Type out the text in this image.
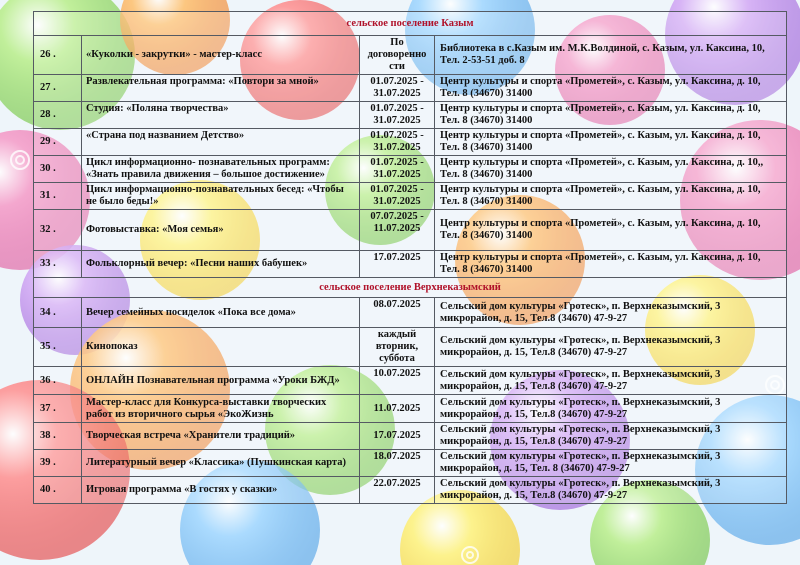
сельское поселение Казым			
26 .	«Куколки - закрутки» - мастер-класс	По договоренно сти	Библиотека в с.Казым им. М.К.Волдиной, с. Казым, ул. Каксина, 10, Тел. 2-53-51 доб. 8
27 .	Развлекательная программа: «Повтори за мной»	01.07.2025 - 31.07.2025	Центр культуры и спорта «Прометей», с. Казым, ул. Каксина, д. 10, Тел. 8 (34670) 31400
28 .	Студия: «Поляна творчества»	01.07.2025 - 31.07.2025	Центр культуры и спорта «Прометей», с. Казым, ул. Каксина, д. 10, Тел. 8 (34670) 31400
29 .	«Страна под названием Детство»	01.07.2025 - 31.07.2025	Центр культуры и спорта «Прометей», с. Казым, ул. Каксина, д. 10, Тел. 8 (34670) 31400
30 .	Цикл информационно- познавательных программ: «Знать правила движения – большое достижение»	01.07.2025 - 31.07.2025	Центр культуры и спорта «Прометей», с. Казым, ул. Каксина, д. 10,, Тел. 8 (34670) 31400
31 .	Цикл информационно-познавательных бесед: «Чтобы не было беды!»	01.07.2025 - 31.07.2025	Центр культуры и спорта «Прометей», с. Казым, ул. Каксина, д. 10, Тел. 8 (34670) 31400
32 .	Фотовыставка: «Моя семья»	07.07.2025 - 11.07.2025	Центр культуры и спорта «Прометей», с. Казым, ул. Каксина, д. 10, Тел. 8 (34670) 31400
33 .	Фольклорный вечер: «Песни наших бабушек»	17.07.2025	Центр культуры и спорта «Прометей», с. Казым, ул. Каксина, д. 10, Тел. 8 (34670) 31400
сельское поселение Верхнеказымский			
34 .	Вечер семейных посиделок «Пока все дома»	08.07.2025	Сельский дом культуры «Гротеск», п. Верхнеказымский, 3 микрорайон, д. 15, Тел.8 (34670) 47-9-27
35 .	Кинопоказ	каждый вторник, суббота	Сельский дом культуры «Гротеск», п. Верхнеказымский, 3 микрорайон, д. 15, Тел.8 (34670) 47-9-27
36 .	ОНЛАЙН Познавательная программа «Уроки БЖД»	10.07.2025	Сельский дом культуры «Гротеск», п. Верхнеказымский, 3 микрорайон, д. 15, Тел.8 (34670) 47-9-27
37 .	Мастер-класс для Конкурса-выставки творческих работ из вторичного сырья «ЭкоЖизнь	11.07.2025	Сельский дом культуры «Гротеск», п. Верхнеказымский, 3 микрорайон, д. 15, Тел.8 (34670) 47-9-27
38 .	Творческая встреча «Хранители традиций»	17.07.2025	Сельский дом культуры «Гротеск», п. Верхнеказымский, 3 микрорайон, д. 15, Тел.8 (34670) 47-9-27
39 .	Литературный вечер «Классика» (Пушкинская карта)	18.07.2025	Сельский дом культуры «Гротеск», п. Верхнеказымский, 3 микрорайон, д. 15, Тел. 8 (34670) 47-9-27
40 .	Игровая программа «В гостях у сказки»	22.07.2025	Сельский дом культуры «Гротеск», п. Верхнеказымский, 3 микрорайон, д. 15, Тел.8 (34670) 47-9-27
